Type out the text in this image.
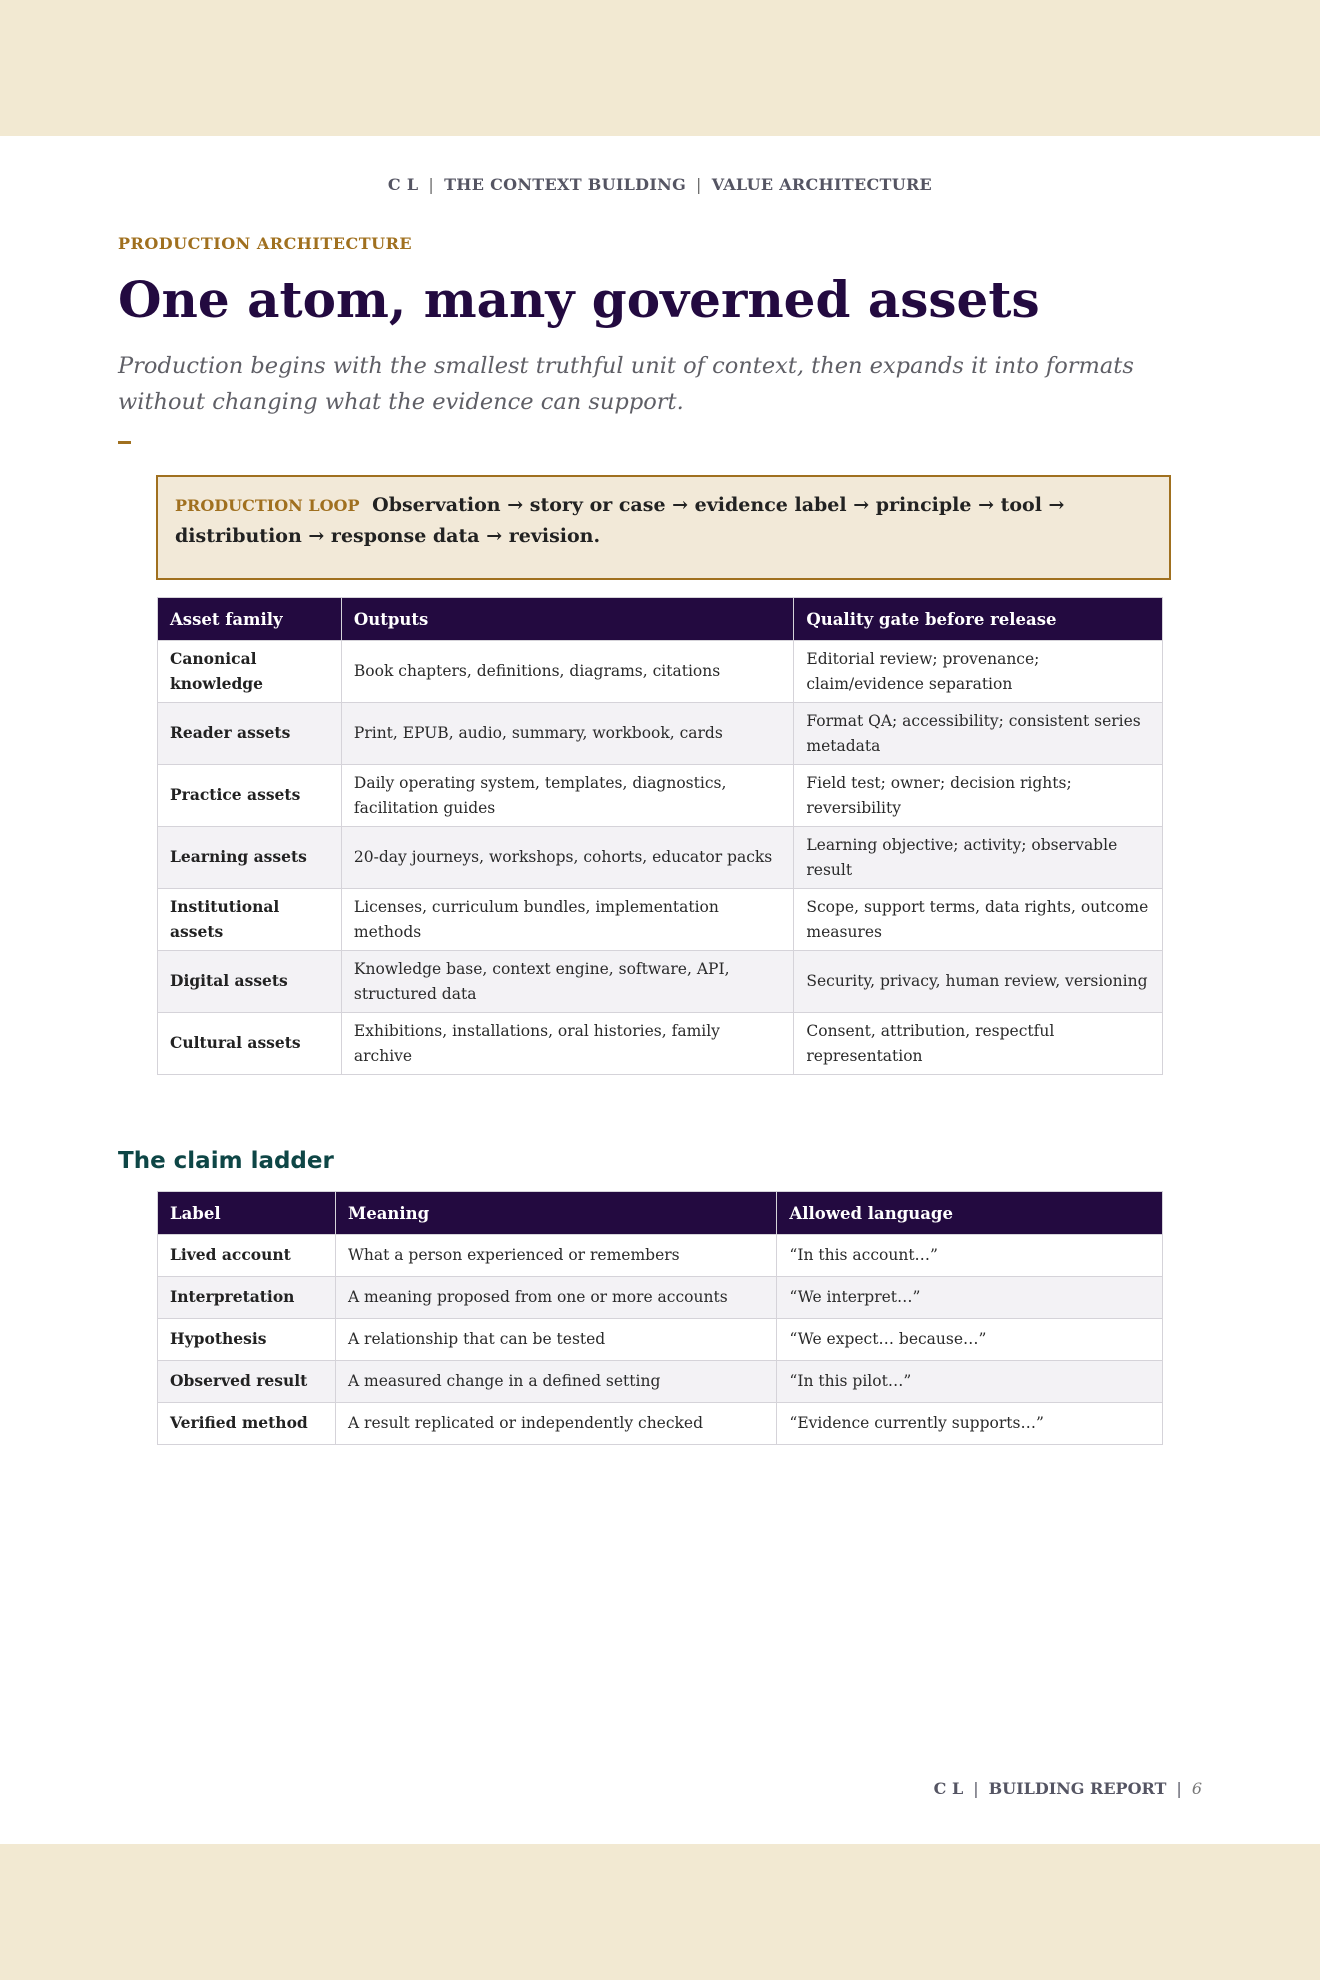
C L | THE CONTEXT BUILDING | VALUE ARCHITECTURE
PRODUCTION ARCHITECTURE
One atom, many governed assets

Production begins with the smallest truthful unit of context, then expands it into formats without changing what the evidence can support.

PRODUCTION LOOP Observation → story or case → evidence label → principle → tool → distribution → response data → revision.
Asset family	Outputs	Quality gate before release
Canonical knowledge	Book chapters, definitions, diagrams, citations	Editorial review; provenance; claim/evidence separation
Reader assets	Print, EPUB, audio, summary, workbook, cards	Format QA; accessibility; consistent series metadata
Practice assets	Daily operating system, templates, diagnostics, facilitation guides	Field test; owner; decision rights; reversibility
Learning assets	20-day journeys, workshops, cohorts, educator packs	Learning objective; activity; observable result
Institutional assets	Licenses, curriculum bundles, implementation methods	Scope, support terms, data rights, outcome measures
Digital assets	Knowledge base, context engine, software, API, structured data	Security, privacy, human review, versioning
Cultural assets	Exhibitions, installations, oral histories, family archive	Consent, attribution, respectful representation
The claim ladder
Label	Meaning	Allowed language
Lived account	What a person experienced or remembers	“In this account…”
Interpretation	A meaning proposed from one or more accounts	“We interpret…”
Hypothesis	A relationship that can be tested	“We expect… because…”
Observed result	A measured change in a defined setting	“In this pilot…”
Verified method	A result replicated or independently checked	“Evidence currently supports…”
C L | BUILDING REPORT | 6
